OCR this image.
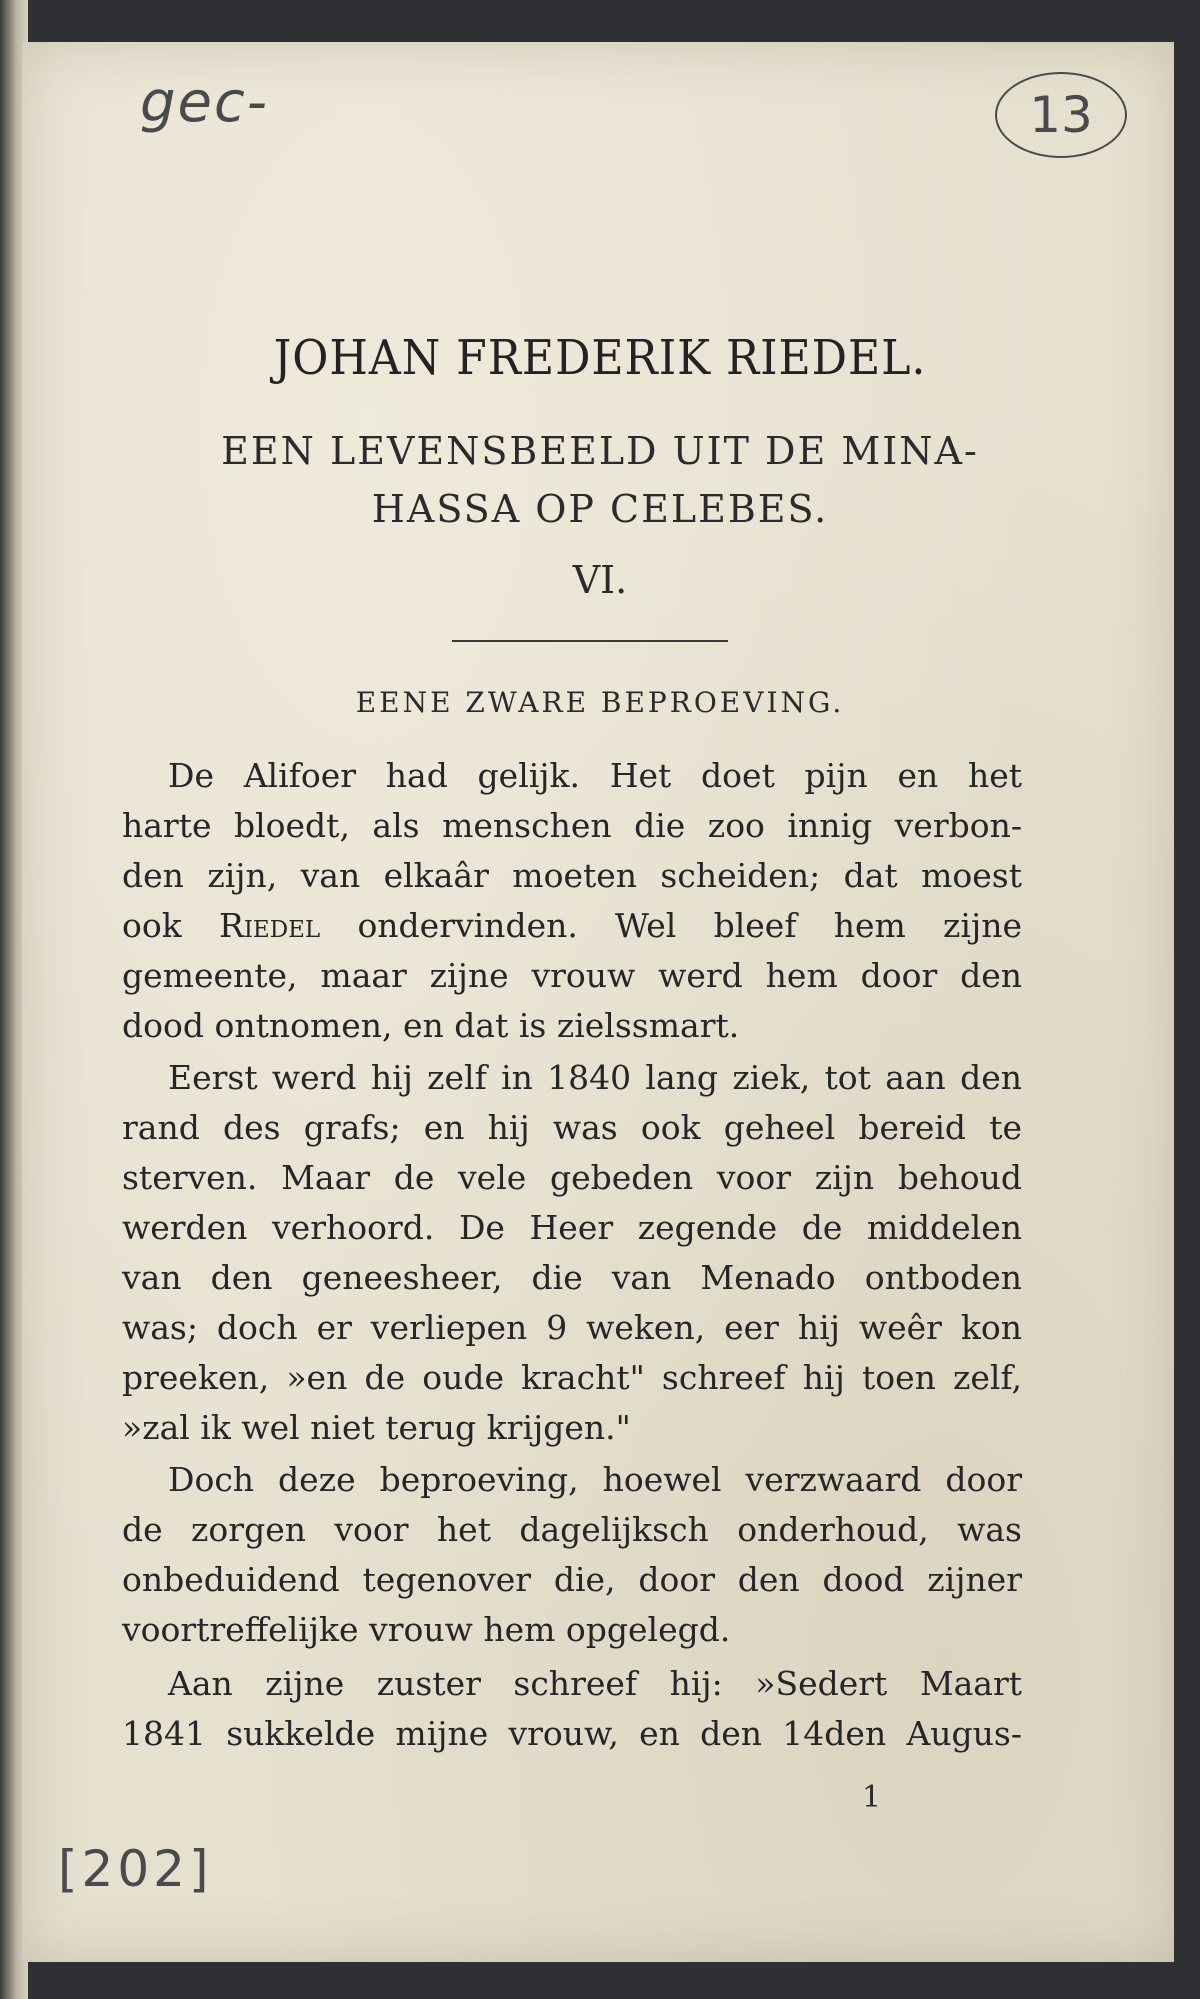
gec-	13
[202]
JOHAN FREDERIK RIEDEL.
EEN LEVENSBEELD UIT DE MINA-
HASSA OP CELEBES.
VI.
EENE ZWARE BEPROEVING.
De Alifoer had gelijk. Het doet pijn en het
harte bloedt, als menschen die zoo innig verbon-
den zijn, van elkaâr moeten scheiden; dat moest
ook Riedel ondervinden. Wel bleef hem zijne
gemeente, maar zijne vrouw werd hem door den
dood ontnomen, en dat is zielssmart.
Eerst werd hij zelf in 1840 lang ziek, tot aan den
rand des grafs; en hij was ook geheel bereid te
sterven. Maar de vele gebeden voor zijn behoud
werden verhoord. De Heer zegende de middelen
van den geneesheer, die van Menado ontboden
was; doch er verliepen 9 weken, eer hij weêr kon
preeken, »en de oude kracht" schreef hij toen zelf,
»zal ik wel niet terug krijgen."
Doch deze beproeving, hoewel verzwaard door
de zorgen voor het dagelijksch onderhoud, was
onbeduidend tegenover die, door den dood zijner
voortreffelijke vrouw hem opgelegd.
Aan zijne zuster schreef hij: »Sedert Maart
1841 sukkelde mijne vrouw, en den 14den Augus-
1
